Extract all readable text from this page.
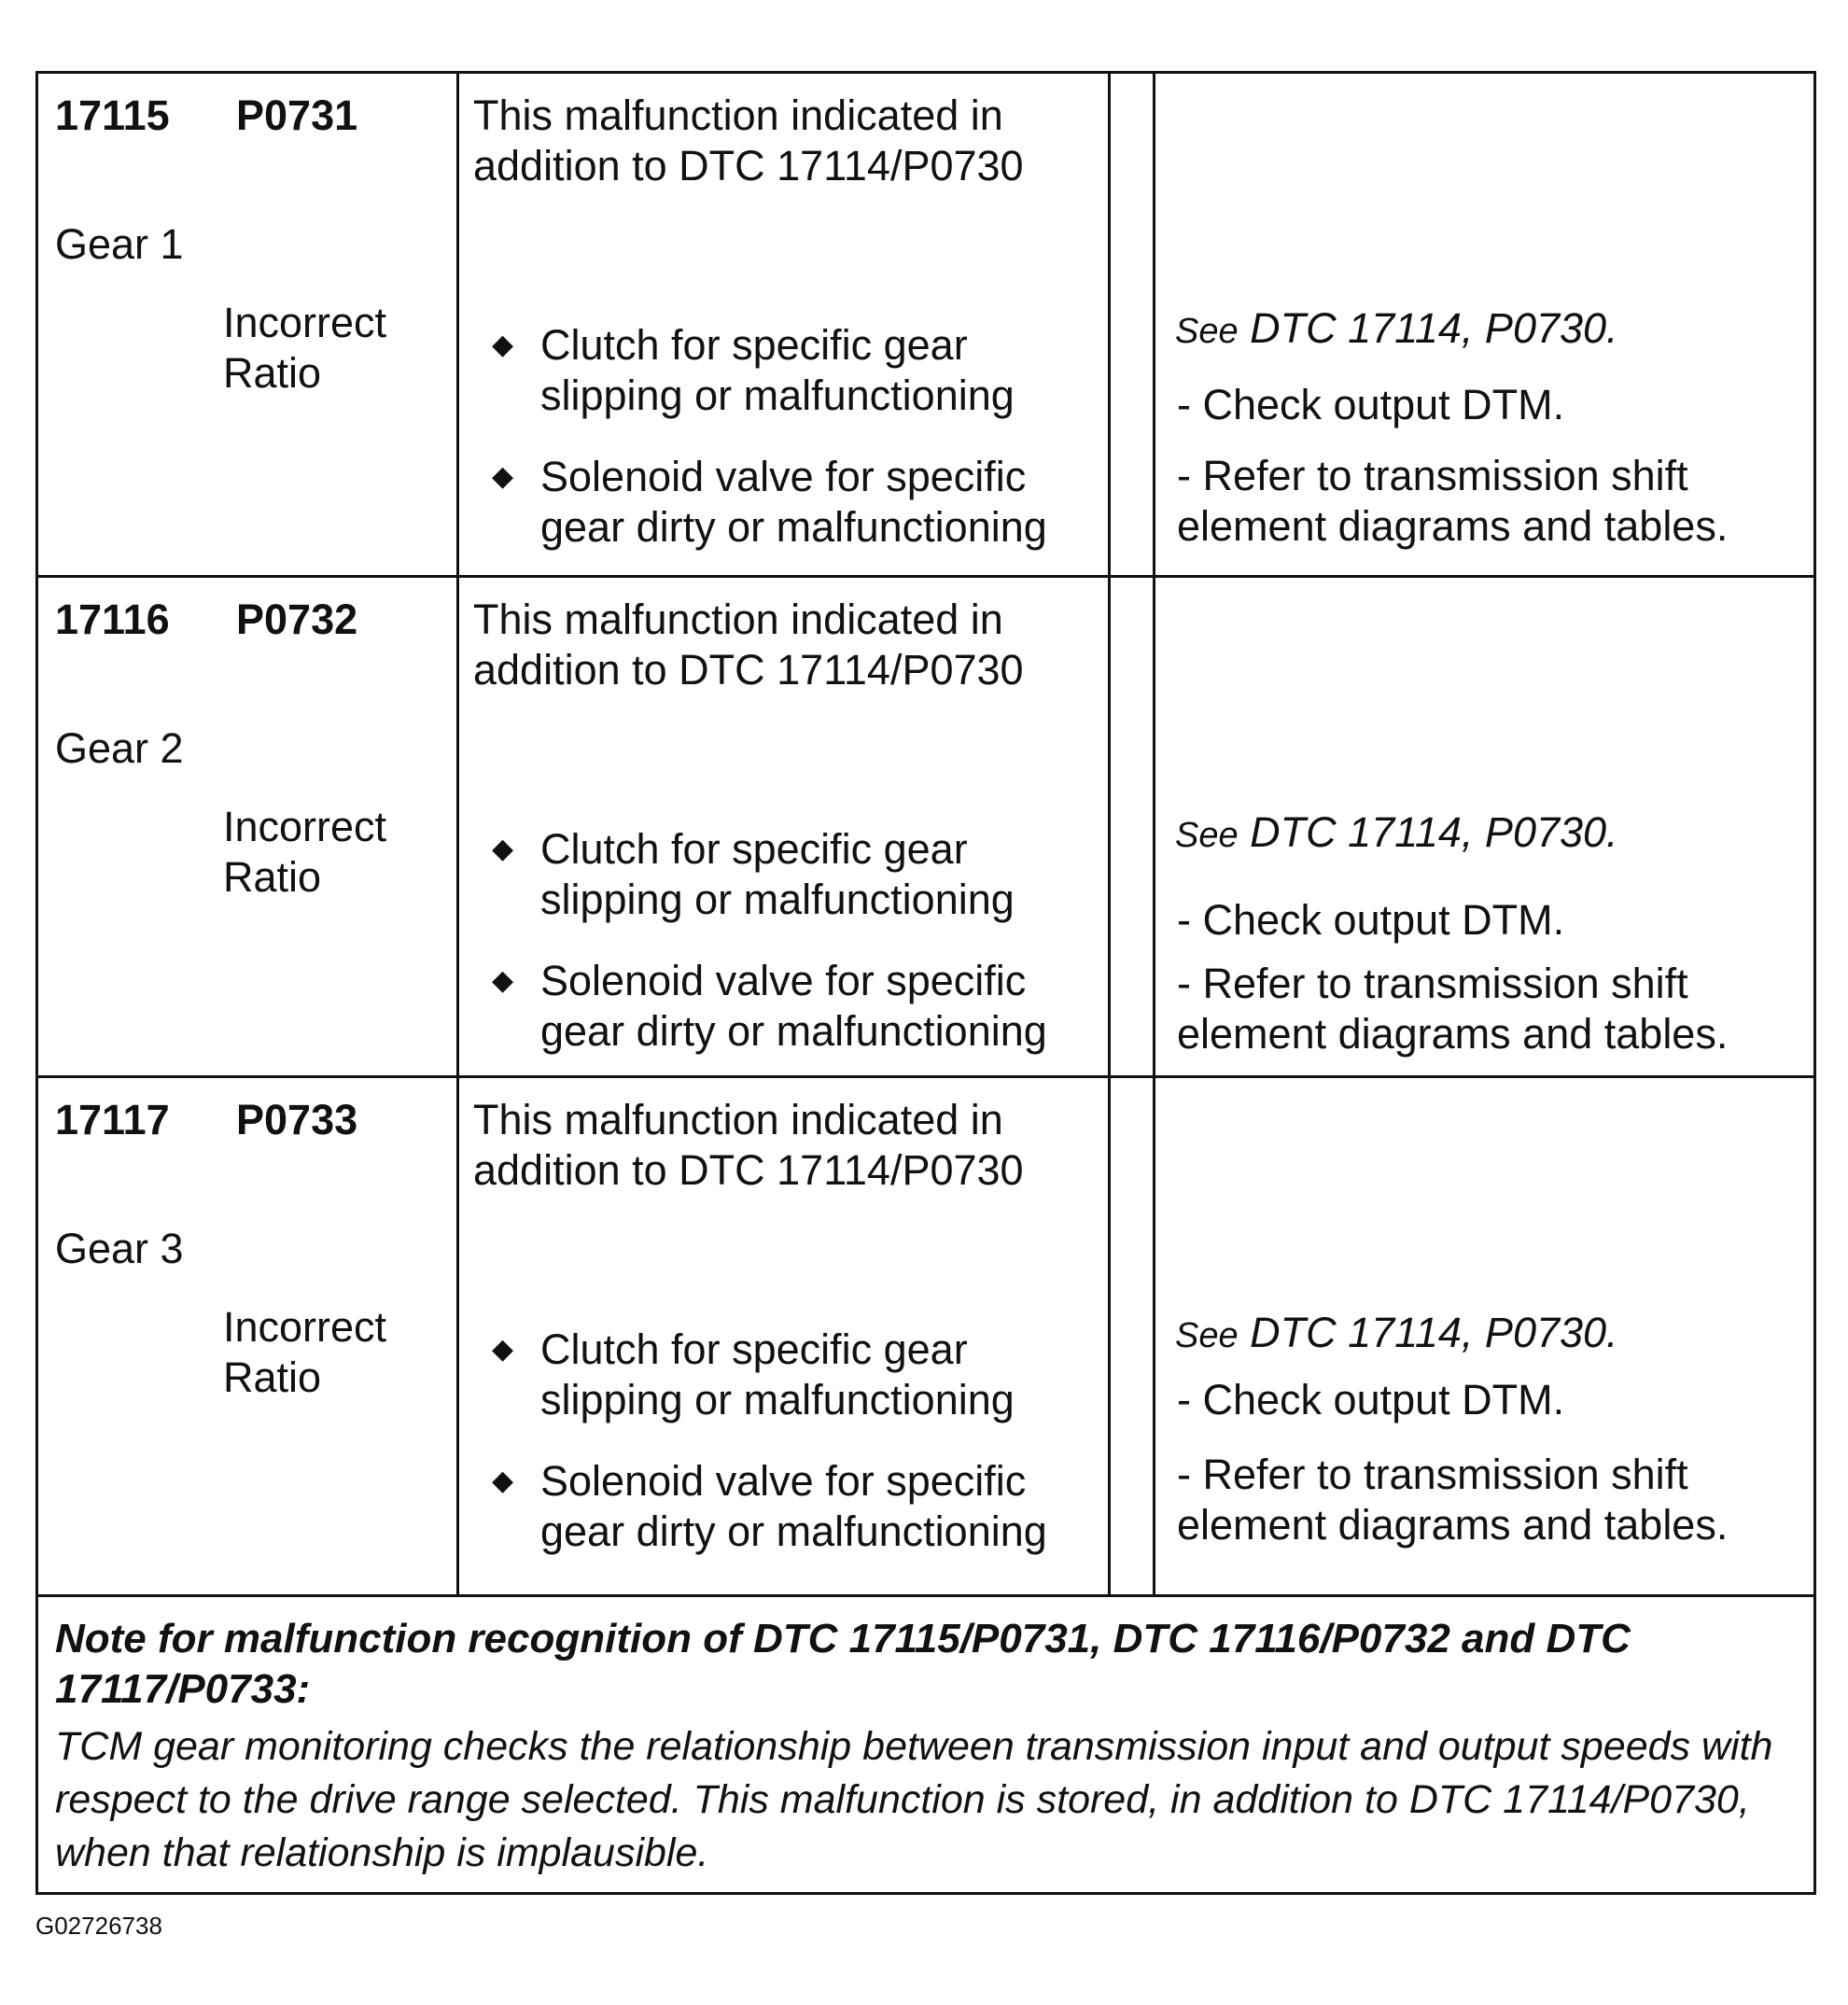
17115 P0731
Gear 1
Incorrect
Ratio
This malfunction indicated in
addition to DTC 17114/P0730
◆ Clutch for specific gear
slipping or malfunctioning
◆ Solenoid valve for specific
gear dirty or malfunctioning
See DTC 17114, P0730.
- Check output DTM.
- Refer to transmission shift
element diagrams and tables.
17116 P0732
Gear 2
Incorrect
Ratio
This malfunction indicated in
addition to DTC 17114/P0730
◆ Clutch for specific gear
slipping or malfunctioning
◆ Solenoid valve for specific
gear dirty or malfunctioning
See DTC 17114, P0730.
- Check output DTM.
- Refer to transmission shift
element diagrams and tables.
17117 P0733
Gear 3
Incorrect
Ratio
This malfunction indicated in
addition to DTC 17114/P0730
◆ Clutch for specific gear
slipping or malfunctioning
◆ Solenoid valve for specific
gear dirty or malfunctioning
See DTC 17114, P0730.
- Check output DTM.
- Refer to transmission shift
element diagrams and tables.
Note for malfunction recognition of DTC 17115/P0731, DTC 17116/P0732 and DTC 17117/P0733:
TCM gear monitoring checks the relationship between transmission input and output speeds with respect to the drive range selected. This malfunction is stored, in addition to DTC 17114/P0730, when that relationship is implausible.
G02726738
